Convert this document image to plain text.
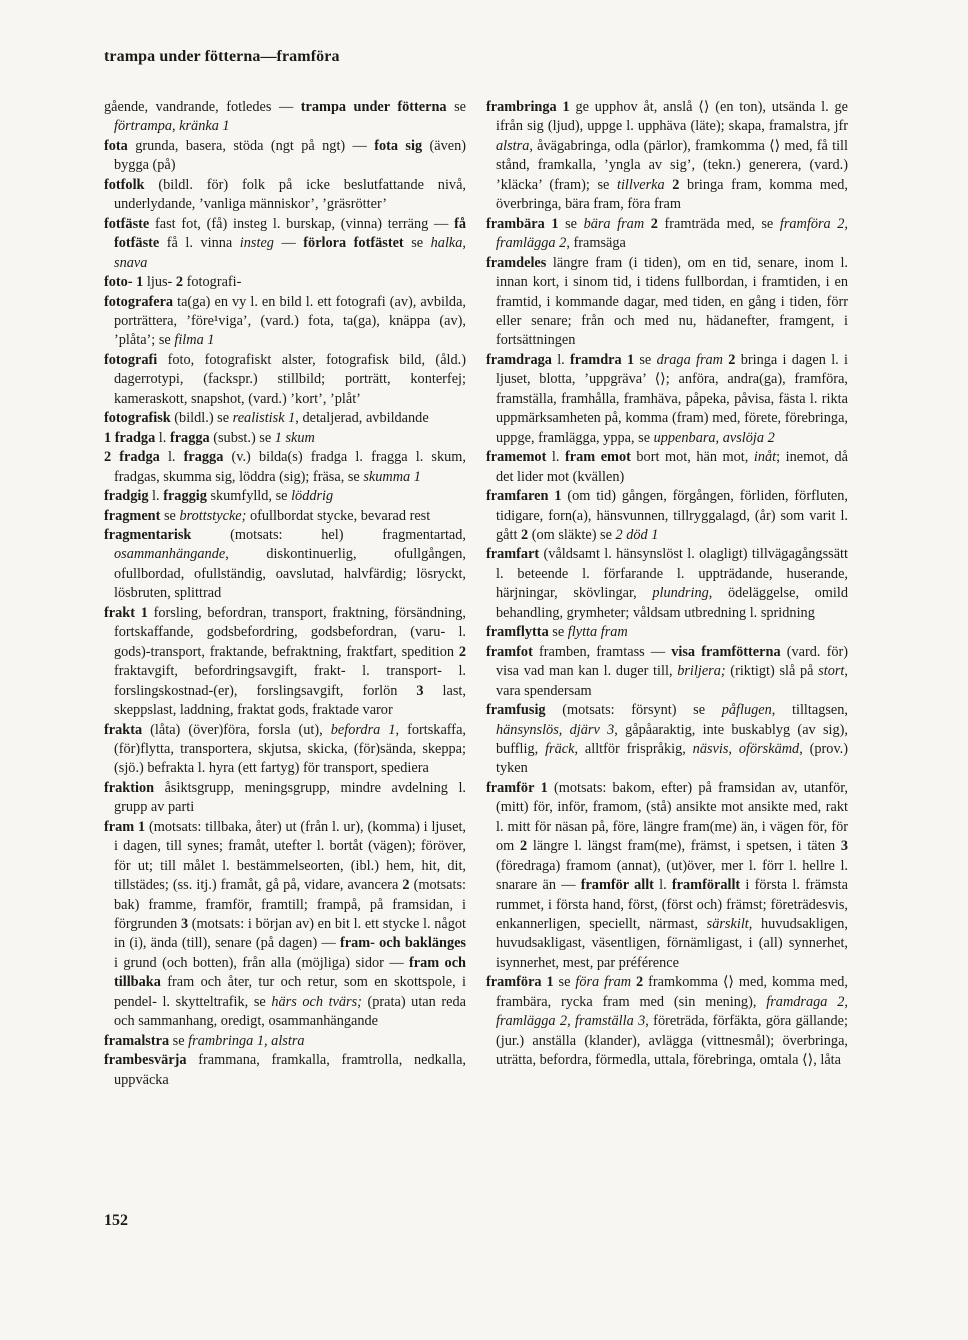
trampa under fötterna—framföra

gående, vandrande, fotledes — trampa under fötterna se förtrampa, kränka 1

fota grunda, basera, stöda (ngt på ngt) — fota sig (även) bygga (på)

fotfolk (bildl. för) folk på icke beslutfattande nivå, underlydande, ’vanliga människor’, ’gräsrötter’

fotfäste fast fot, (få) insteg l. burskap, (vinna) terräng — få fotfäste få l. vinna insteg — förlora fotfästet se halka, snava

foto- 1 ljus- 2 fotografi-

fotografera ta(ga) en vy l. en bild l. ett fotografi (av), avbilda, porträttera, ’före¹viga’, (vard.) fota, ta(ga), knäppa (av), ’plåta’; se filma 1

fotografi foto, fotografiskt alster, fotografisk bild, (åld.) dagerrotypi, (fackspr.) stillbild; porträtt, konterfej; kameraskott, snapshot, (vard.) ’kort’, ’plåt’

fotografisk (bildl.) se realistisk 1, detaljerad, avbildande

1 fradga l. fragga (subst.) se 1 skum

2 fradga l. fragga (v.) bilda(s) fradga l. fragga l. skum, fradgas, skumma sig, löddra (sig); fräsa, se skumma 1

fradgig l. fraggig skumfylld, se löddrig

fragment se brottstycke; ofullbordat stycke, bevarad rest

fragmentarisk (motsats: hel) fragmentartad, osammanhängande, diskontinuerlig, ofullgången, ofullbordad, ofullständig, oavslutad, halvfärdig; lösryckt, lösbruten, splittrad

frakt 1 forsling, befordran, transport, fraktning, försändning, fortskaffande, godsbefordring, godsbefordran, (varu- l. gods)-transport, fraktande, befraktning, fraktfart, spedition 2 fraktavgift, befordringsavgift, frakt- l. transport- l. forslingskostnad-(er), forslingsavgift, forlön 3 last, skeppslast, laddning, fraktat gods, fraktade varor

frakta (låta) (över)föra, forsla (ut), befordra 1, fortskaffa, (för)flytta, transportera, skjutsa, skicka, (för)sända, skeppa; (sjö.) befrakta l. hyra (ett fartyg) för transport, spediera

fraktion åsiktsgrupp, meningsgrupp, mindre avdelning l. grupp av parti

fram 1 (motsats: tillbaka, åter) ut (från l. ur), (komma) i ljuset, i dagen, till synes; framåt, utefter l. bortåt (vägen); föröver, för ut; till målet l. bestämmelseorten, (ibl.) hem, hit, dit, tillstädes; (ss. itj.) framåt, gå på, vidare, avancera 2 (motsats: bak) framme, framför, framtill; frampå, på framsidan, i förgrunden 3 (motsats: i början av) en bit l. ett stycke l. något in (i), ända (till), senare (på dagen) — fram- och baklänges i grund (och botten), från alla (möjliga) sidor — fram och tillbaka fram och åter, tur och retur, som en skottspole, i pendel- l. skytteltrafik, se härs och tvärs; (prata) utan reda och sammanhang, oredigt, osammanhängande

framalstra se frambringa 1, alstra

frambesvärja frammana, framkalla, framtrolla, nedkalla, uppväcka

frambringa 1 ge upphov åt, anslå ⟨⟩ (en ton), utsända l. ge ifrån sig (ljud), uppge l. upphäva (läte); skapa, framalstra, jfr alstra, åvägabringa, odla (pärlor), framkomma ⟨⟩ med, få till stånd, framkalla, ’yngla av sig’, (tekn.) generera, (vard.) ’kläcka’ (fram); se tillverka 2 bringa fram, komma med, överbringa, bära fram, föra fram

frambära 1 se bära fram 2 framträda med, se framföra 2, framlägga 2, framsäga

framdeles längre fram (i tiden), om en tid, senare, inom l. innan kort, i sinom tid, i tidens fullbordan, i framtiden, i en framtid, i kommande dagar, med tiden, en gång i tiden, förr eller senare; från och med nu, hädanefter, framgent, i fortsättningen

framdraga l. framdra 1 se draga fram 2 bringa i dagen l. i ljuset, blotta, ’uppgräva’ ⟨⟩; anföra, andra(ga), framföra, framställa, framhålla, framhäva, påpeka, påvisa, fästa l. rikta uppmärksamheten på, komma (fram) med, förete, förebringa, uppge, framlägga, yppa, se uppenbara, avslöja 2

framemot l. fram emot bort mot, hän mot, inåt; inemot, då det lider mot (kvällen)

framfaren 1 (om tid) gången, förgången, förliden, förfluten, tidigare, forn(a), hänsvunnen, tillryggalagd, (år) som varit l. gått 2 (om släkte) se 2 död 1

framfart (våldsamt l. hänsynslöst l. olagligt) tillvägagångssätt l. beteende l. förfarande l. uppträdande, huserande, härjningar, skövlingar, plundring, ödeläggelse, omild behandling, grymheter; våldsam utbredning l. spridning

framflytta se flytta fram

framfot framben, framtass — visa framfötterna (vard. för) visa vad man kan l. duger till, briljera; (riktigt) slå på stort, vara spendersam

framfusig (motsats: försynt) se påflugen, tilltagsen, hänsynslös, djärv 3, gåpåaraktig, inte buskablyg (av sig), bufflig, fräck, alltför frispråkig, näsvis, oförskämd, (prov.) tyken

framför 1 (motsats: bakom, efter) på framsidan av, utanför, (mitt) för, inför, framom, (stå) ansikte mot ansikte med, rakt l. mitt för näsan på, före, längre fram(me) än, i vägen för, för om 2 längre l. längst fram(me), främst, i spetsen, i täten 3 (föredraga) framom (annat), (ut)över, mer l. förr l. hellre l. snarare än — framför allt l. framförallt i första l. främsta rummet, i första hand, först, (först och) främst; företrädesvis, enkannerligen, speciellt, närmast, särskilt, huvudsakligen, huvudsakligast, väsentligen, förnämligast, i (all) synnerhet, isynnerhet, mest, par préférence

framföra 1 se föra fram 2 framkomma ⟨⟩ med, komma med, frambära, rycka fram med (sin mening), framdraga 2, framlägga 2, framställa 3, företräda, förfäkta, göra gällande; (jur.) anställa (klander), avlägga (vittnesmål); överbringa, uträtta, befordra, förmedla, uttala, förebringa, omtala ⟨⟩, låta

152
